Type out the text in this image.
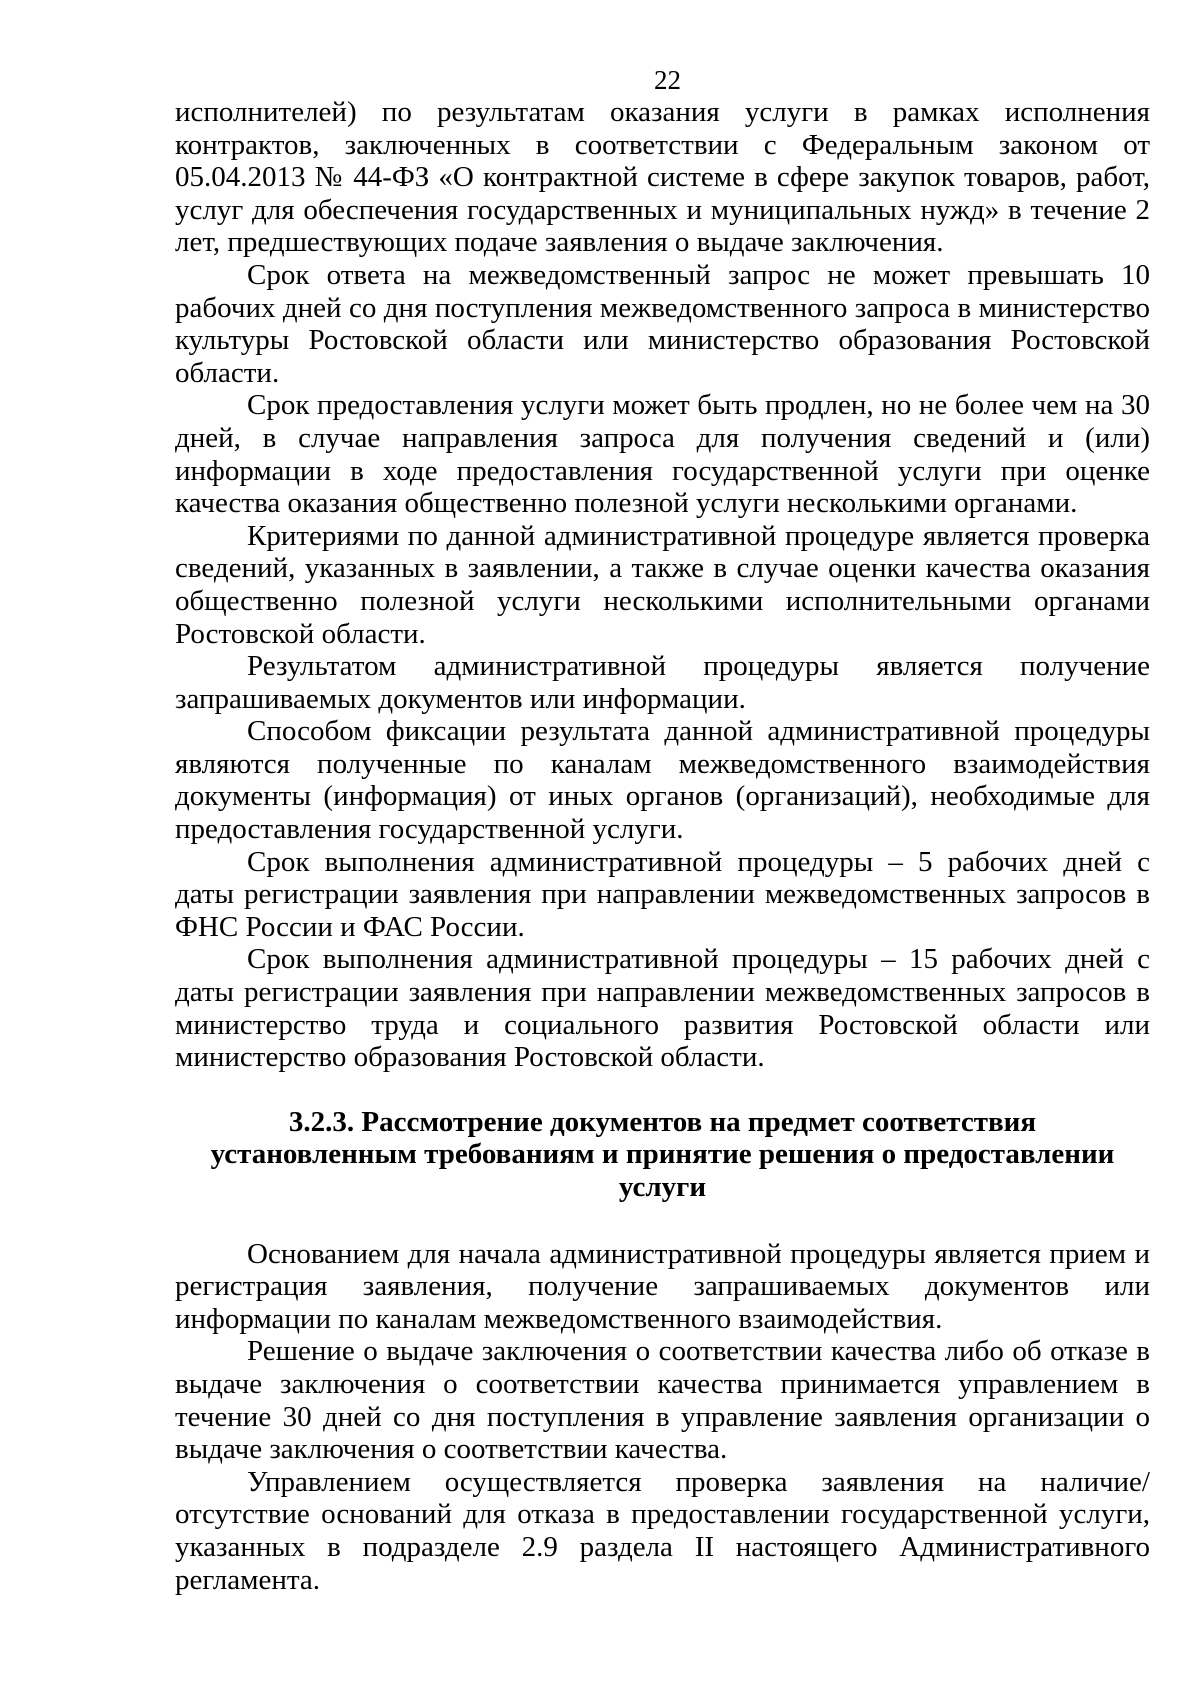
22

исполнителей) по результатам оказания услуги в рамках исполнения контрактов, заключенных в соответствии с Федеральным законом от 05.04.2013 № 44-ФЗ «О контрактной системе в сфере закупок товаров, работ, услуг для обеспечения государственных и муниципальных нужд» в течение 2 лет, предшествующих подаче заявления о выдаче заключения.

Срок ответа на межведомственный запрос не может превышать 10 рабочих дней со дня поступления межведомственного запроса в министерство культуры Ростовской области или министерство образования Ростовской области.

Срок предоставления услуги может быть продлен, но не более чем на 30 дней, в случае направления запроса для получения сведений и (или) информации в ходе предоставления государственной услуги при оценке качества оказания общественно полезной услуги несколькими органами.

Критериями по данной административной процедуре является проверка сведений, указанных в заявлении, а также в случае оценки качества оказания общественно полезной услуги несколькими исполнительными органами Ростовской области.

Результатом административной процедуры является получение запрашиваемых документов или информации.

Способом фиксации результата данной административной процедуры являются полученные по каналам межведомственного взаимодействия документы (информация) от иных органов (организаций), необходимые для предоставления государственной услуги.

Срок выполнения административной процедуры – 5 рабочих дней с даты регистрации заявления при направлении межведомственных запросов в ФНС России и ФАС России.

Срок выполнения административной процедуры – 15 рабочих дней с даты регистрации заявления при направлении межведомственных запросов в министерство труда и социального развития Ростовской области или министерство образования Ростовской области.

3.2.3. Рассмотрение документов на предмет соответствия
установленным требованиям и принятие решения о предоставлении
услуги

Основанием для начала административной процедуры является прием и регистрация заявления, получение запрашиваемых документов или информации по каналам межведомственного взаимодействия.

Решение о выдаче заключения о соответствии качества либо об отказе в выдаче заключения о соответствии качества принимается управлением в течение 30 дней со дня поступления в управление заявления организации о выдаче заключения о соответствии качества.

Управлением осуществляется проверка заявления на наличие/отсутствие оснований для отказа в предоставлении государственной услуги, указанных в подразделе 2.9 раздела II настоящего Административного регламента.
